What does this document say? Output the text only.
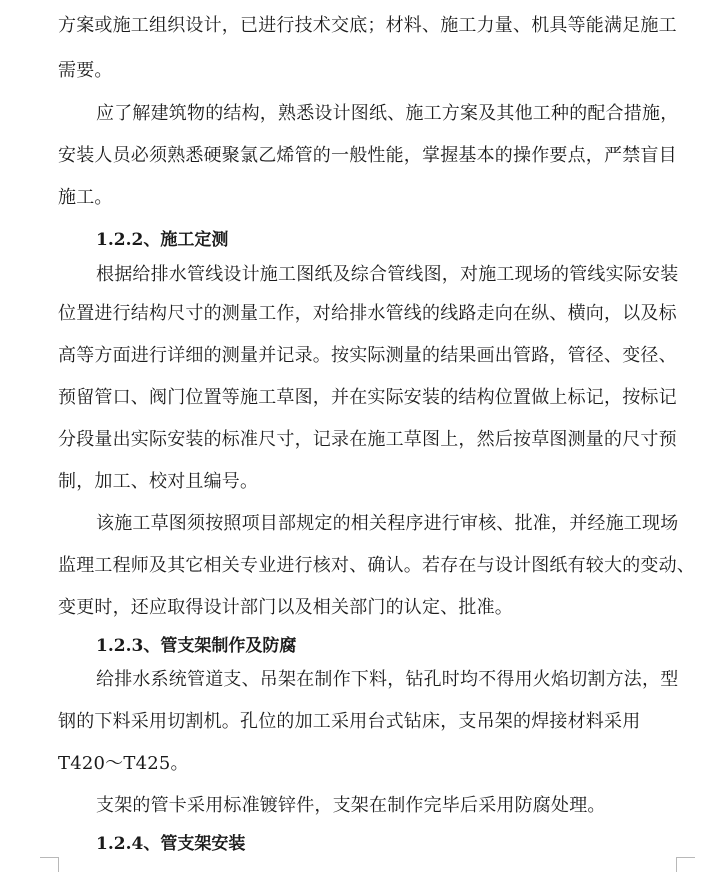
方案或施工组织设计，已进行技术交底；材料、施工力量、机具等能满足施工
需要。
应了解建筑物的结构，熟悉设计图纸、施工方案及其他工种的配合措施，
安装人员必须熟悉硬聚氯乙烯管的一般性能，掌握基本的操作要点，严禁盲目
施工。
1.2.2、施工定测
根据给排水管线设计施工图纸及综合管线图，对施工现场的管线实际安装
位置进行结构尺寸的测量工作，对给排水管线的线路走向在纵、横向，以及标
高等方面进行详细的测量并记录。按实际测量的结果画出管路，管径、变径、
预留管口、阀门位置等施工草图，并在实际安装的结构位置做上标记，按标记
分段量出实际安装的标准尺寸，记录在施工草图上，然后按草图测量的尺寸预
制，加工、校对且编号。
该施工草图须按照项目部规定的相关程序进行审核、批准，并经施工现场
监理工程师及其它相关专业进行核对、确认。若存在与设计图纸有较大的变动、
变更时，还应取得设计部门以及相关部门的认定、批准。
1.2.3、管支架制作及防腐
给排水系统管道支、吊架在制作下料，钻孔时均不得用火焰切割方法，型
钢的下料采用切割机。孔位的加工采用台式钻床，支吊架的焊接材料采用
T420～T425。
支架的管卡采用标准镀锌件，支架在制作完毕后采用防腐处理。
1.2.4、管支架安装
